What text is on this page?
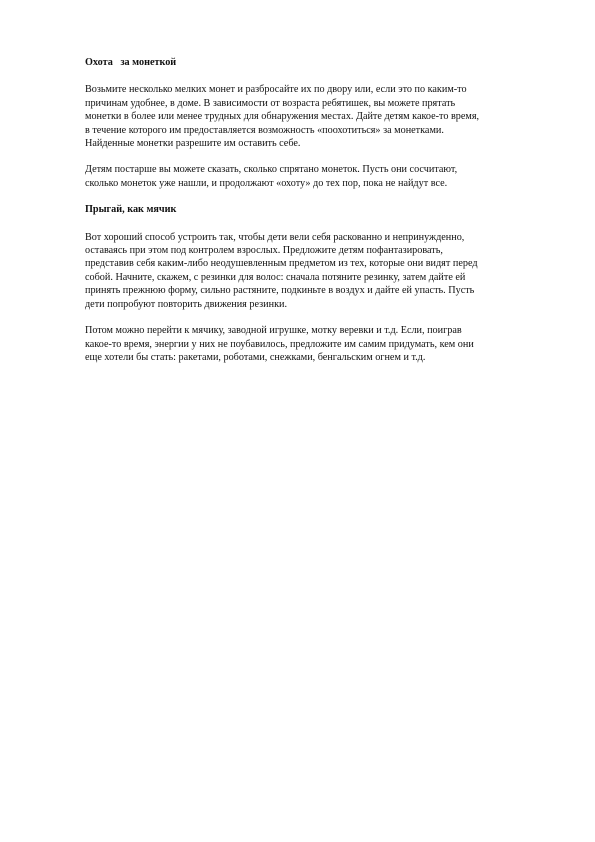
Охота   за монеткой
Возьмите несколько мелких монет и разбросайте их по двору или, если это по каким-то
причинам удобнее, в доме. В зависимости от возраста ребятишек, вы можете прятать
монетки в более или менее трудных для обнаружения местах. Дайте детям какое-то время,
в течение которого им предоставляется возможность «поохотиться» за монетками.
Найденные монетки разрешите им оставить себе.
Детям постарше вы можете сказать, сколько спрятано монеток. Пусть они сосчитают,
сколько монеток уже нашли, и продолжают «охоту» до тех пор, пока не найдут все.
Прыгай, как мячик
Вот хороший способ устроить так, чтобы дети вели себя раскованно и непринужденно,
оставаясь при этом под контролем взрослых. Предложите детям пофантазировать,
представив себя каким-либо неодушевленным предметом из тех, которые они видят перед
собой. Начните, скажем, с резинки для волос: сначала потяните резинку, затем дайте ей
принять прежнюю форму, сильно растяните, подкиньте в воздух и дайте ей упасть. Пусть
дети попробуют повторить движения резинки.
Потом можно перейти к мячику, заводной игрушке, мотку веревки и т.д. Если, поиграв
какое-то время, энергии у них не поубавилось, предложите им самим придумать, кем они
еще хотели бы стать: ракетами, роботами, снежками, бенгальским огнем и т.д.
